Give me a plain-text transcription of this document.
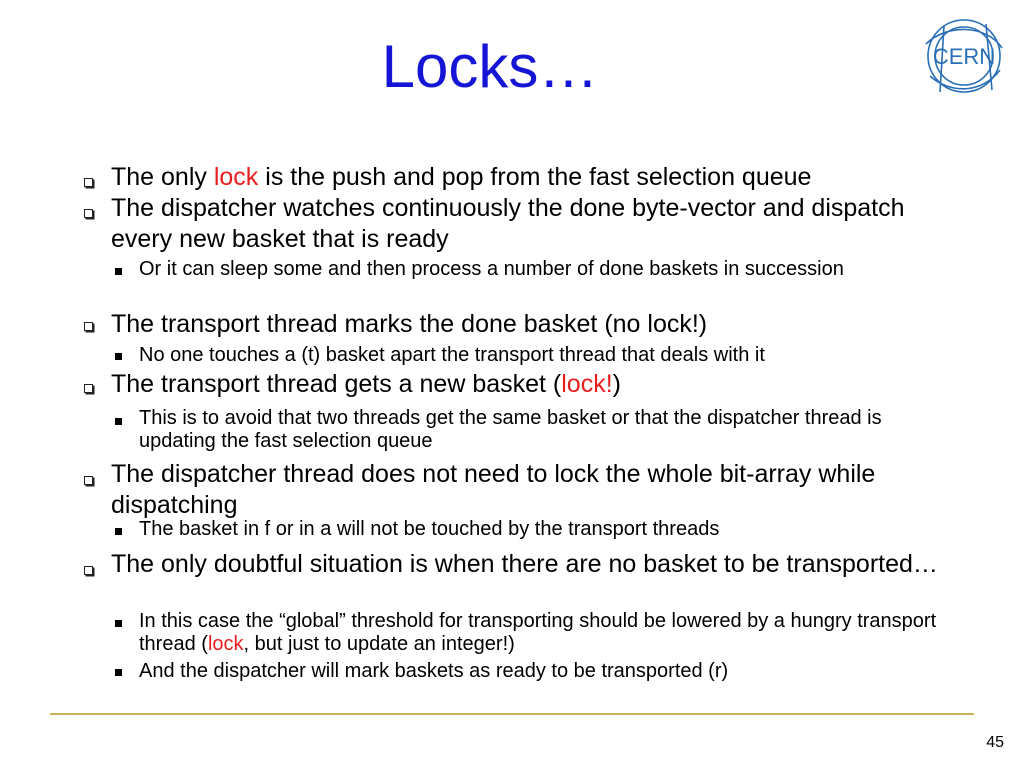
Locks…	CERN

The only lock is the push and pop from the fast selection queue

The dispatcher watches continuously the done byte-vector and dispatch every new basket that is ready

Or it can sleep some and then process a number of done baskets in succession

The transport thread marks the done basket (no lock!)

No one touches a (t) basket apart the transport thread that deals with it

The transport thread gets a new basket (lock!)

This is to avoid that two threads get the same basket or that the dispatcher thread is updating the fast selection queue

The dispatcher thread does not need to lock the whole bit-array while dispatching

The basket in f or in a will not be touched by the transport threads

The only doubtful situation is when there are no basket to be transported…

In this case the “global” threshold for transporting should be lowered by a hungry transport thread (lock, but just to update an integer!)

And the dispatcher will mark baskets as ready to be transported (r)

45
